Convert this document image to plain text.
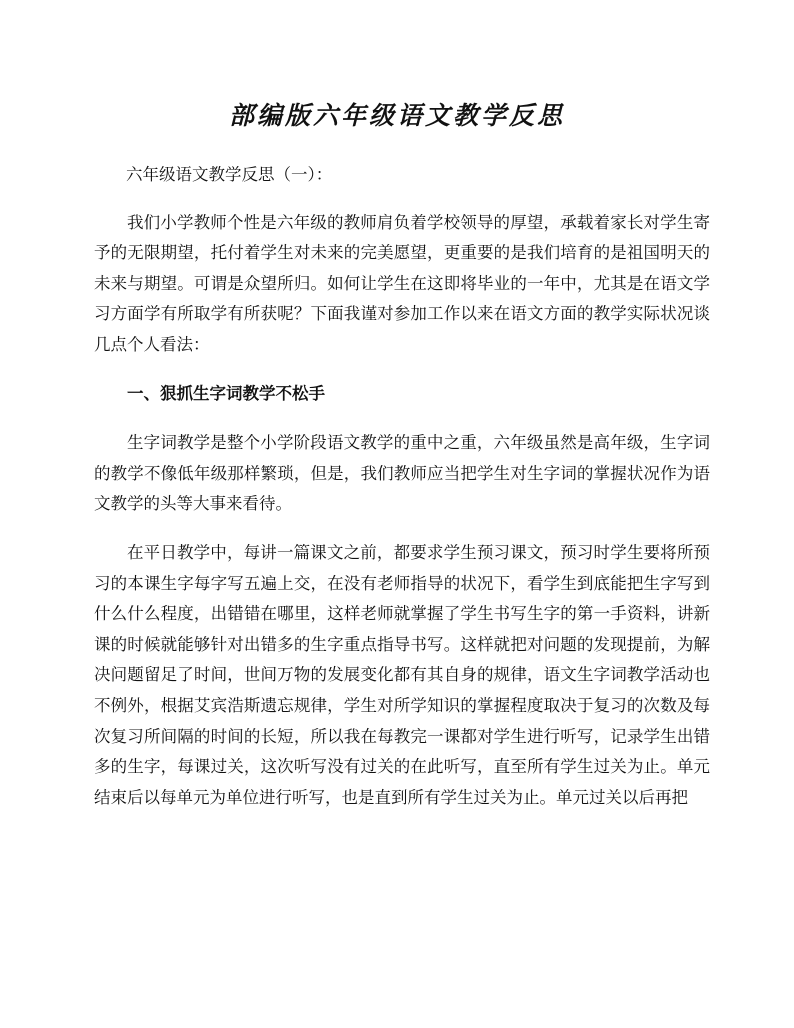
部编版六年级语文教学反思

六年级语文教学反思（一）：

我们小学教师个性是六年级的教师肩负着学校领导的厚望，承载着家长对学生寄予的无限期望，托付着学生对未来的完美愿望，更重要的是我们培育的是祖国明天的未来与期望。可谓是众望所归。如何让学生在这即将毕业的一年中，尤其是在语文学习方面学有所取学有所获呢？下面我谨对参加工作以来在语文方面的教学实际状况谈几点个人看法：

一、狠抓生字词教学不松手

生字词教学是整个小学阶段语文教学的重中之重，六年级虽然是高年级，生字词的教学不像低年级那样繁琐，但是，我们教师应当把学生对生字词的掌握状况作为语文教学的头等大事来看待。

在平日教学中，每讲一篇课文之前，都要求学生预习课文，预习时学生要将所预习的本课生字每字写五遍上交，在没有老师指导的状况下，看学生到底能把生字写到什么什么程度，出错错在哪里，这样老师就掌握了学生书写生字的第一手资料，讲新课的时候就能够针对出错多的生字重点指导书写。这样就把对问题的发现提前，为解决问题留足了时间，世间万物的发展变化都有其自身的规律，语文生字词教学活动也不例外，根据艾宾浩斯遗忘规律，学生对所学知识的掌握程度取决于复习的次数及每次复习所间隔的时间的长短，所以我在每教完一课都对学生进行听写，记录学生出错多的生字，每课过关，这次听写没有过关的在此听写，直至所有学生过关为止。单元结束后以每单元为单位进行听写，也是直到所有学生过关为止。单元过关以后再把
